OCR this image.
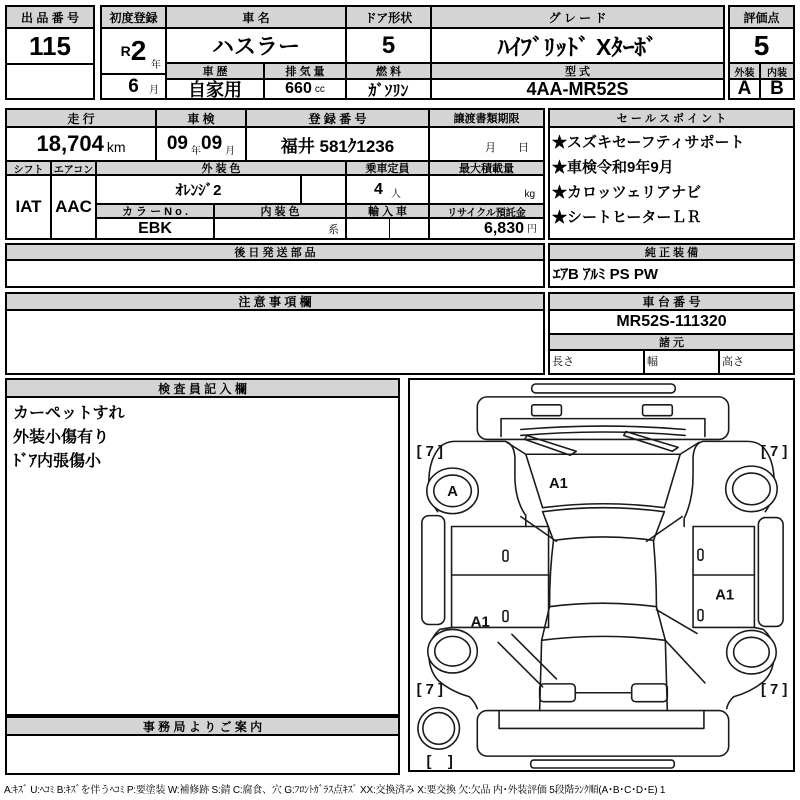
出 品 番 号
115
初度登録
R 2 年
6 月
車 名
ハスラー
車 歴
自家用
排 気 量
660 cc
ドア形状
5
燃 料
ｶﾞｿﾘﾝ
グ レ ー ド
ﾊｲﾌﾞﾘｯﾄﾞ Xﾀｰﾎﾞ
型 式
4AA-MR52S
評価点
5
外装	内装
A B
走 行	車 検	登 録 番 号	譲渡書類期限
18,704 km 09 年 09 月	福井 581ｸ1236	月　　日
シフト	エアコン	外 装 色	乗車定員	最大積載量
IAT AAC
ｵﾚﾝｼﾞ2	4 人	kg
カ ラ ー N o .	内 装 色	輸 入 車	リサイクル預託金
EBK	系	6,830 円
セ ー ル ス ポ イ ン ト
★スズキセーフティサポート
★車検令和9年9月
★カロッツェリアナビ
★シートヒーターＬＲ
後 日 発 送 部 品	純 正 装 備
ｴｱB ｱﾙﾐ PS PW
注 意 事 項 欄	車 台 番 号
MR52S-111320
諸 元
長さ	幅	高さ
検 査 員 記 入 欄
カーペットすれ
外装小傷有り
ﾄﾞｱ内張傷小
事 務 局 よ り ご 案 内
[ 7 ]	[ 7 ]
[ 7 ]	[ 7 ]
[    ]
A	A1
A1
A1
A:ｷｽﾞ U:ﾍｺﾐ B:ｷｽﾞを伴うﾍｺﾐ P:要塗装 W:補修跡 S:錆 C:腐食、穴 G:ﾌﾛﾝﾄｶﾞﾗｽ点ｷｽﾞ XX:交換済み X:要交換 欠:欠品 内･外装評価 5段階ﾗﾝｸ順(A･B･C･D･E) 1
